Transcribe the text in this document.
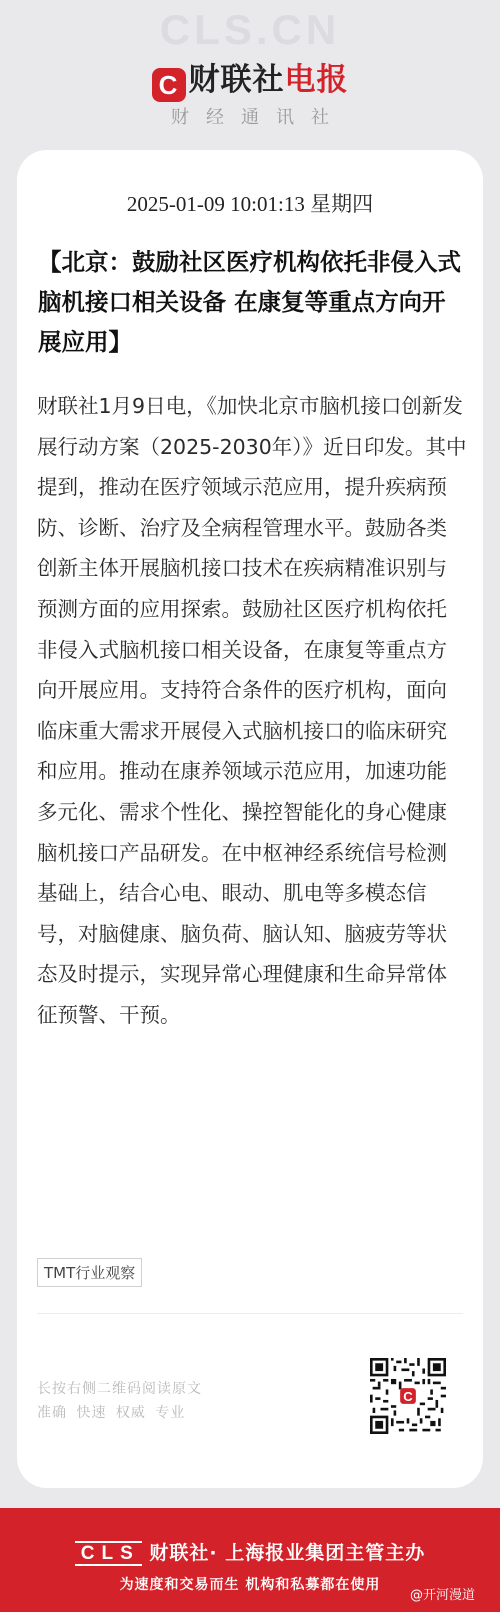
CLS.CN
C 财联社电报
财经通讯社
2025-01-09 10:01:13 星期四
【北京：鼓励社区医疗机构依托非侵入式脑机接口相关设备 在康复等重点方向开展应用】
财联社1月9日电，《加快北京市脑机接口创新发展行动方案（2025-2030年）》近日印发。其中提到，推动在医疗领域示范应用，提升疾病预防、诊断、治疗及全病程管理水平。鼓励各类创新主体开展脑机接口技术在疾病精准识别与预测方面的应用探索。鼓励社区医疗机构依托非侵入式脑机接口相关设备，在康复等重点方向开展应用。支持符合条件的医疗机构，面向临床重大需求开展侵入式脑机接口的临床研究和应用。推动在康养领域示范应用，加速功能多元化、需求个性化、操控智能化的身心健康脑机接口产品研发。在中枢神经系统信号检测基础上，结合心电、眼动、肌电等多模态信号，对脑健康、脑负荷、脑认知、脑疲劳等状态及时提示，实现异常心理健康和生命异常体征预警、干预。
TMT行业观察
长按右侧二维码阅读原文
准确 快速 权威 专业
C
CLS 财联社· 上海报业集团主管主办
为速度和交易而生 机构和私募都在使用
@开河漫道
